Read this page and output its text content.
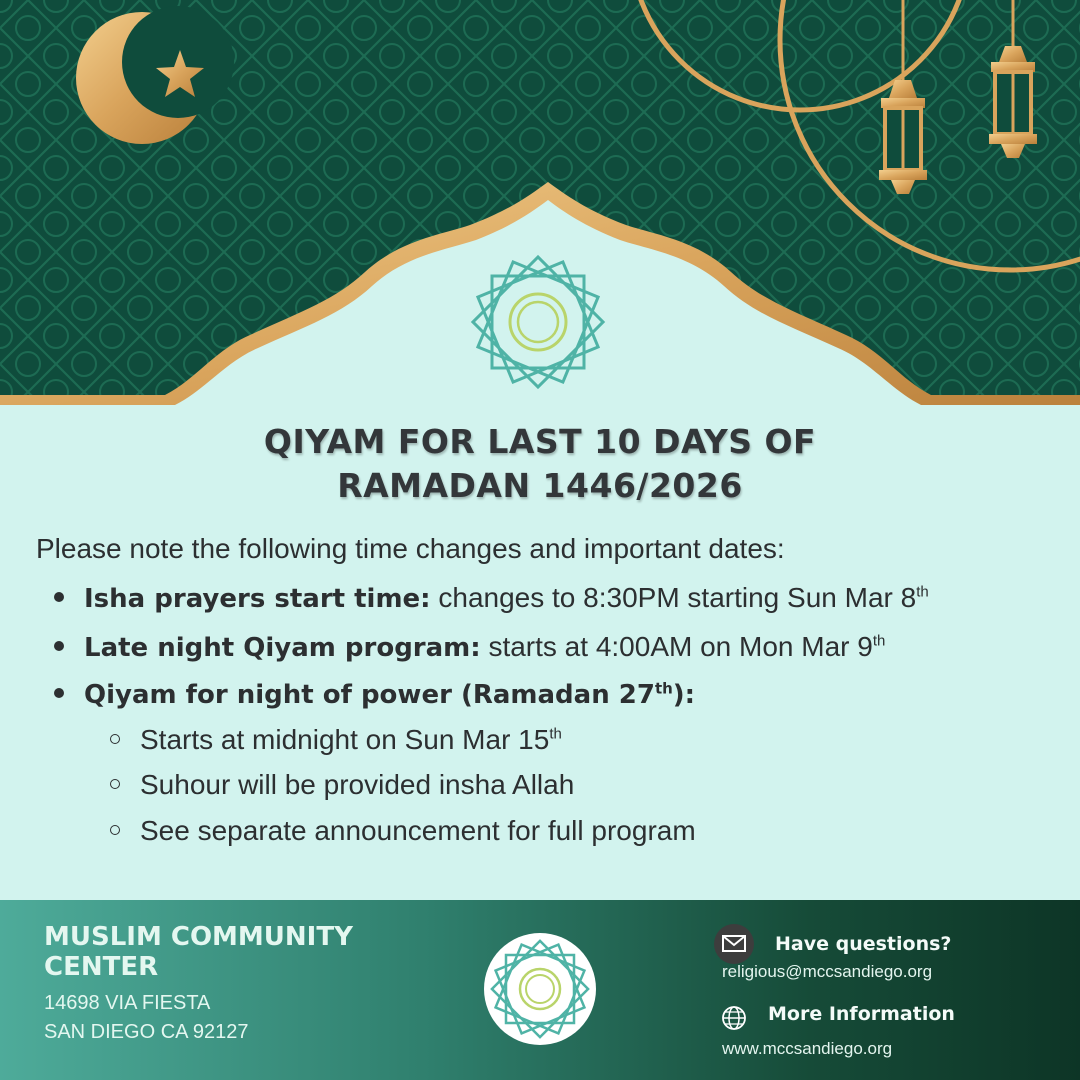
QIYAM FOR LAST 10 DAYS OF
RAMADAN 1446/2026
Please note the following time changes and important dates:
Isha prayers start time: changes to 8:30PM starting Sun Mar 8th
Late night Qiyam program: starts at 4:00AM on Mon Mar 9th
Qiyam for night of power (Ramadan 27th):
Starts at midnight on Sun Mar 15th
Suhour will be provided insha Allah
See separate announcement for full program
MUSLIM COMMUNITY CENTER
14698 VIA FIESTA
SAN DIEGO CA 92127
Have questions?
religious@mccsandiego.org
More Information
www.mccsandiego.org
